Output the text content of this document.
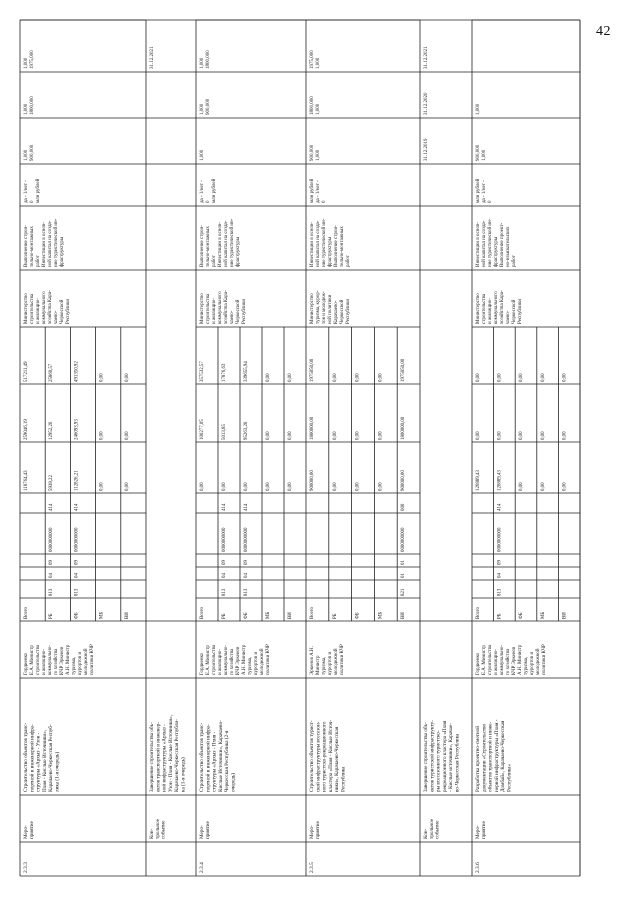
42
2.3.3
Меро-приятие
Строительство объектов транс-портной и инженерной инфра-структуры «Архыз - Узон -Пхия - Кислые Источники»,Карачаево-Черкесская Респуб-лика (1-я очередь)
ГордиенкоЕ.А. Министрстроительстваи жилищно-коммунально-го хозяйстваКЧР ЭркеновА.Н. Министртуризма,курортов имолодежнойполитики КЧР
Всего
118764,43
259046,19
517211,49
РБ
813
04
09
0000000000
414
5938,22
12952,26
25860,57
ФБ
813
04
09
0000000000
414
112826,21
246093,93
491350,92
МБ
0,00
0,00
0,00
ВИ
0,00
0,00
0,00
Министерствостроительстваи жилищно-коммунальногохозяйства Кара-чаево-ЧеркесскойРеспублики
Выполнение строи-тельно-монтажныхработИнвестиции в основ-ной капитал на созда-ние туристической ин-фраструктуры
да - 1/нет -0млн рублей
1,000900,000
1,0001800,000
1,0001975,000
Кон-трольноесобытие
Завершение строительства объ-ектов транспортной и инженер-ной инфраструктуры «Архыз -Узон - Пхия - Кислые Источники»,Карачаево-Черкесская Республи-ка (1-я очередь)
31.12.2021
2.3.4
Меро-приятие
Строительство объектов транс-портной и инженерной инфра-структуры «Архыз - Пхия -Кислые Источники», Карачаево-Черкесская Республика (2-яочередь)
ГордиенкоЕ.А. Министрстроительстваи жилищно-коммунально-го хозяйстваКЧР ЭркеновА.Н. Министртуризма,курортов имолодежнойполитики КЧР
Всего
0,00
100277,05
357532,57
РБ
813
04
09
0000000000
414
0,00
5013,85
17876,63
ФБ
813
04
09
0000000000
414
0,00
95263,20
339655,94
МБ
0,00
0,00
0,00
ВИ
0,00
0,00
0,00
Министерствостроительстваи жилищно-коммунальногохозяйства Кара-чаево-ЧеркесскойРеспублики
Выполнение строи-тельно-монтажныхработИнвестиции в основ-ной капитал на созда-ние туристической ин-фраструктуры
да - 1/нет -0млн рублей
1,000
1,000900,000
1,0001800,000
2.3.5
Меро-приятие
Строительство объектов турист-ской инфраструктуры всесезон-ного туристско-рекреационногокластера «Пхия - Кислые Источ-ники», Карачаево-ЧеркесскаяРеспублика
Эркенов А.Н.Министртуризма,курортов имолодежнойполитики КЧР
Всего
900000,00
1800000,00
1975050,00
РБ
0,00
0,00
0,00
ФБ
0,00
0,00
0,00
МБ
0,00
0,00
0,00
ВИ
821
01
01
0000000000
000
900000,00
1800000,00
1975050,00
Министерствотуризма, курор-тов и молодеж-ной политикиКарачаево-ЧеркесскойРеспублики
Инвестиции в основ-ной капитал на созда-ние туристической ин-фраструктурыВыполнение строи-тельно-монтажныхработ
млн рублейда - 1/нет -0
900,0001,000
1800,0001,000
1975,0001,000
Кон-трольноесобытие
Завершение строительства объ-ектов туристской инфраструкту-ры всесезонного туристско-рекреационного кластера «Пхия- Кислые источники», Карачае-во-Черкесская Республика
31.12.2019
31.12.2020
31.12.2021
2.3.6
Меро-приятие
Разработка проектно-сметнойдокументации «Строительствообъектов транспортной и инже-нерной инфраструктуры «Пхия -Домбай», Карачаево-ЧеркесскаяРеспублика»
ГордиенкоЕ.А. Министрстроительстваи жилищно-коммунально-го хозяйстваКЧР ЭркеновА.Н. Министртуризма,курортов имолодежнойполитики КЧР
Всего
126889,43
0,00
0,00
РБ
813
04
09
0000000000
414
126889,43
0,00
0,00
ФБ
0,00
0,00
0,00
МБ
0,00
0,00
0,00
ВИ
0,00
0,00
0,00
Министерствостроительстваи жилищно-коммунальногохозяйства Кара-чаево-ЧеркесскойРеспублики
Инвестиции в основ-ной капитал на созда-ние туристической ин-фраструктурыВыполнение проект-но-изыскательскихработ
млн рублейда - 1/нет -0
900,0001,000
1,000
